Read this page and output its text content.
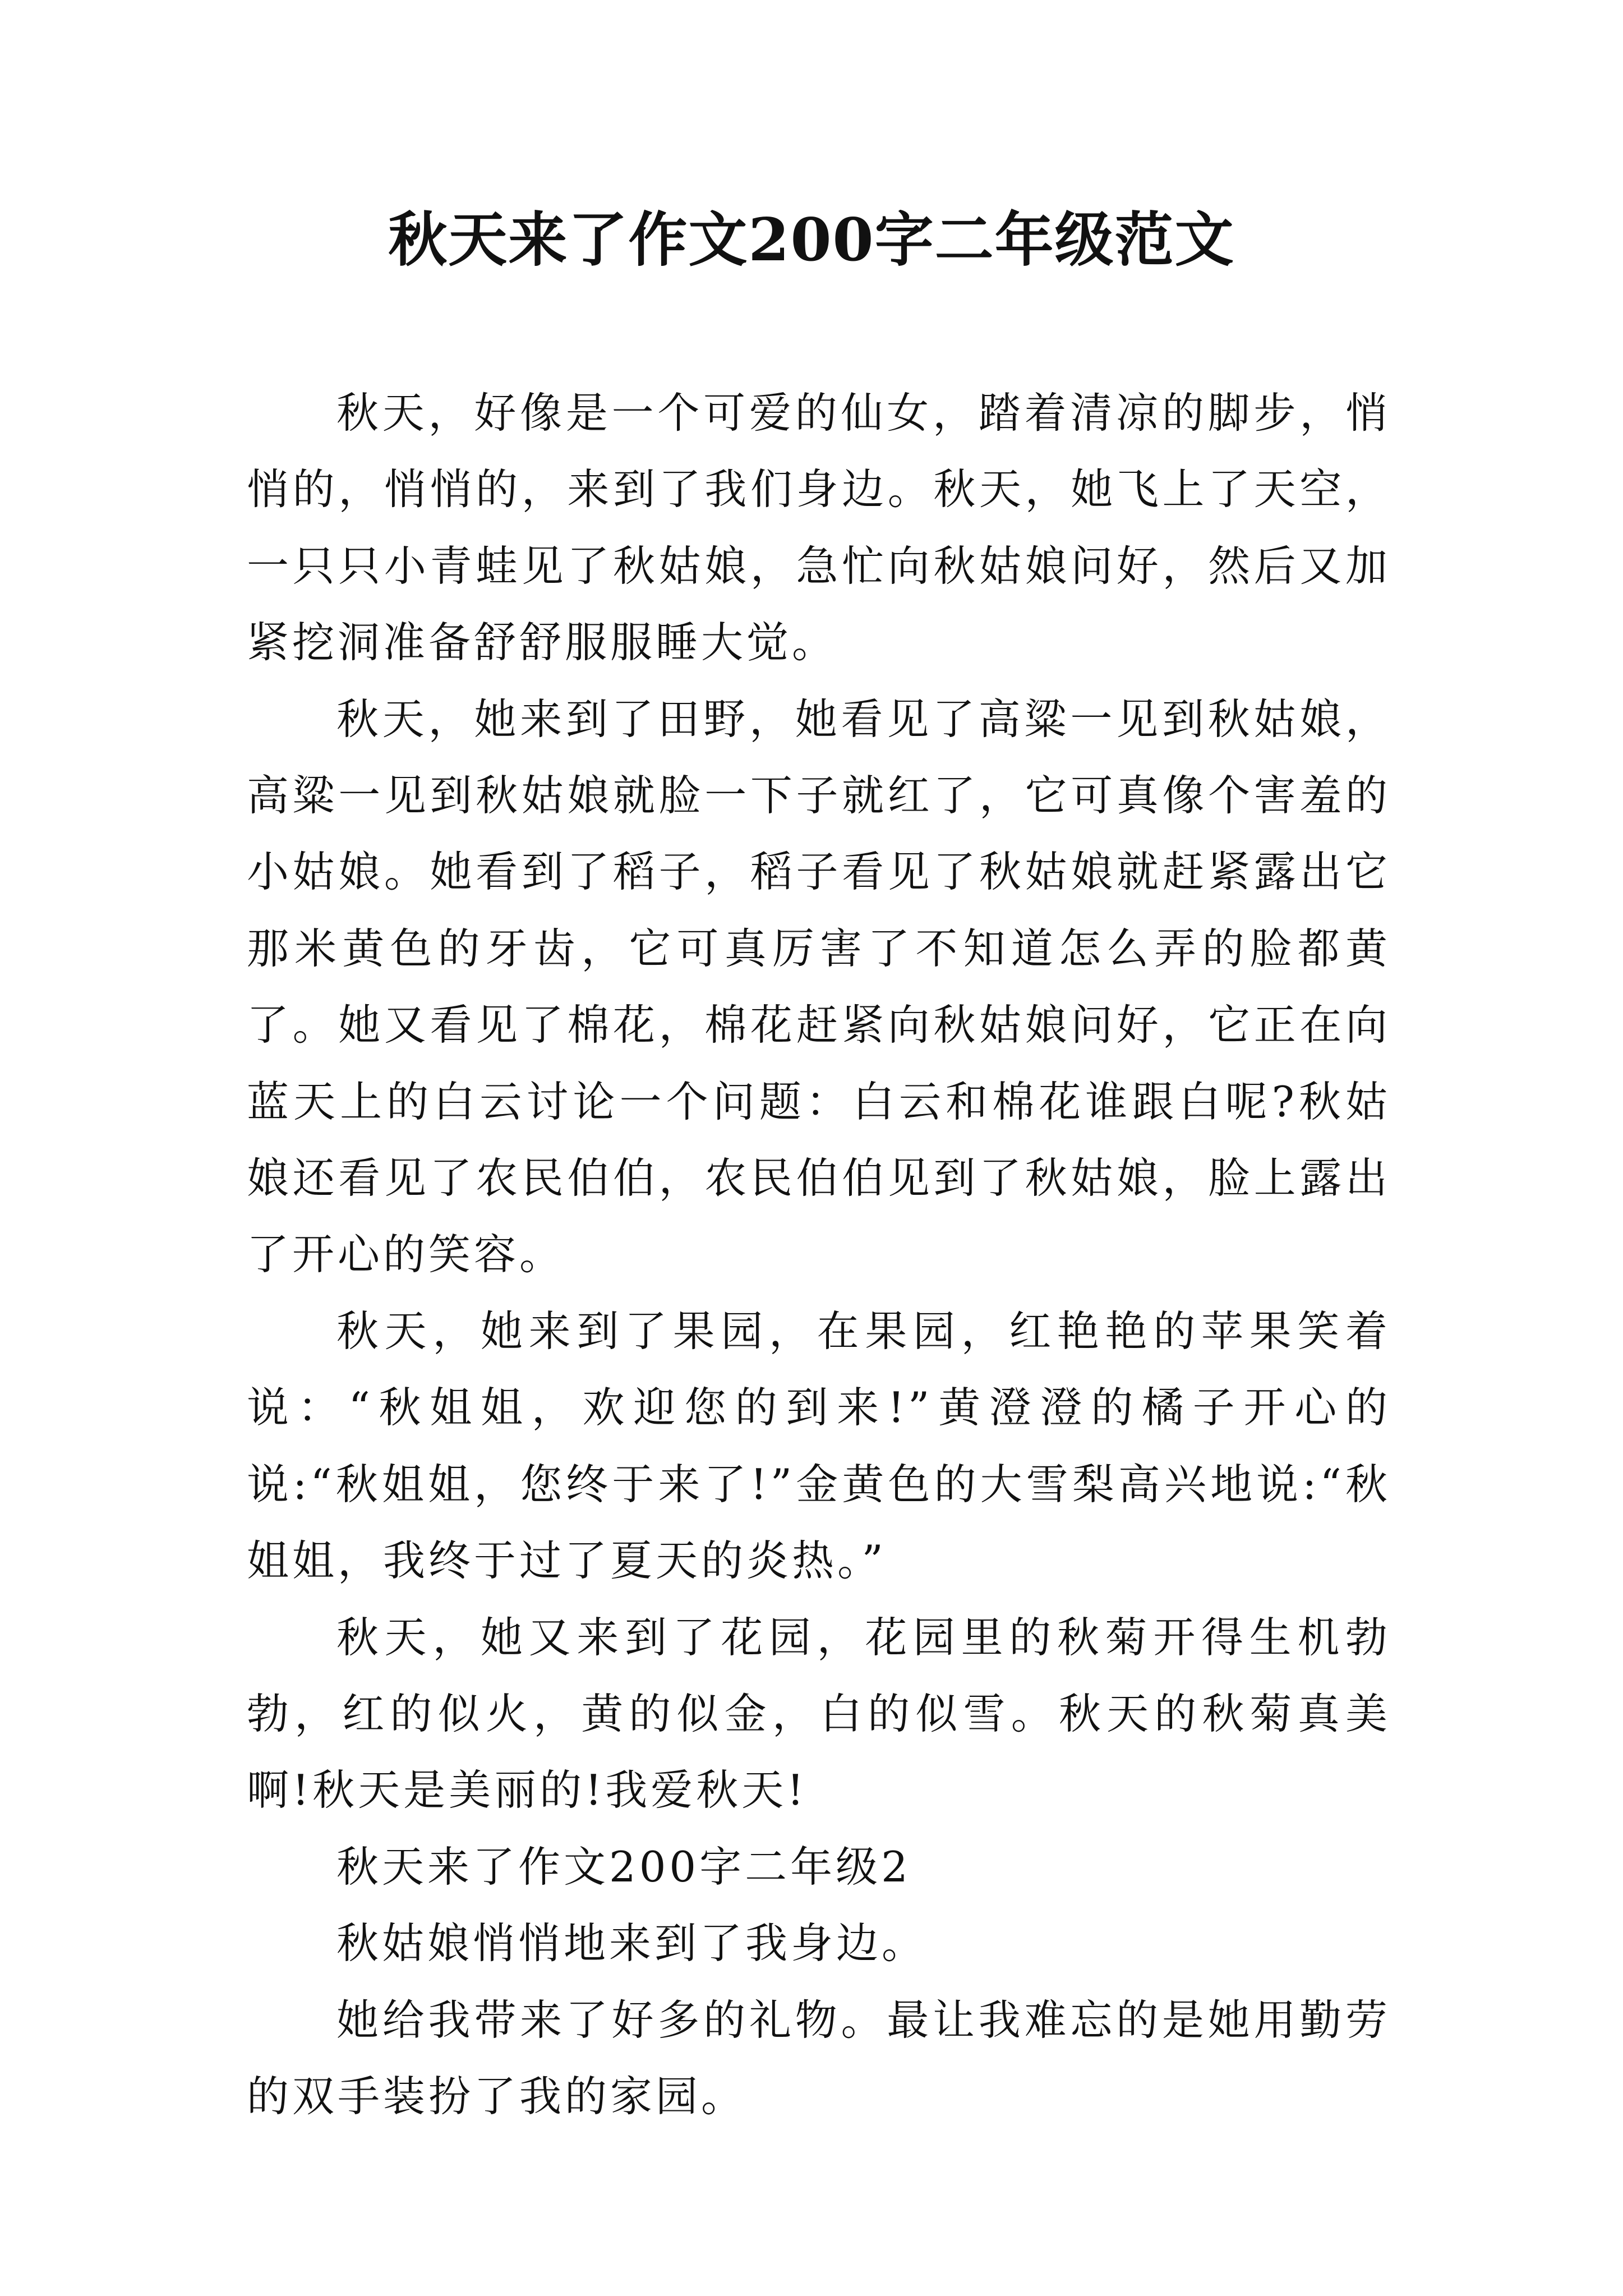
秋天来了作文200字二年级范文

秋天，好像是一个可爱的仙女，踏着清凉的脚步，悄悄的，悄悄的，来到了我们身边。秋天，她飞上了天空，一只只小青蛙见了秋姑娘，急忙向秋姑娘问好，然后又加紧挖洞准备舒舒服服睡大觉。

秋天，她来到了田野，她看见了高粱一见到秋姑娘，高粱一见到秋姑娘就脸一下子就红了，它可真像个害羞的小姑娘。她看到了稻子，稻子看见了秋姑娘就赶紧露出它那米黄色的牙齿，它可真厉害了不知道怎么弄的脸都黄了。她又看见了棉花，棉花赶紧向秋姑娘问好，它正在向蓝天上的白云讨论一个问题：白云和棉花谁跟白呢?秋姑娘还看见了农民伯伯，农民伯伯见到了秋姑娘，脸上露出了开心的笑容。

秋天，她来到了果园，在果园，红艳艳的苹果笑着说：“秋姐姐，欢迎您的到来!”黄澄澄的橘子开心的说:“秋姐姐，您终于来了!”金黄色的大雪梨高兴地说:“秋姐姐，我终于过了夏天的炎热。”

秋天，她又来到了花园，花园里的秋菊开得生机勃勃，红的似火，黄的似金，白的似雪。秋天的秋菊真美啊!秋天是美丽的!我爱秋天!

秋天来了作文200字二年级2

秋姑娘悄悄地来到了我身边。

她给我带来了好多的礼物。最让我难忘的是她用勤劳的双手装扮了我的家园。
